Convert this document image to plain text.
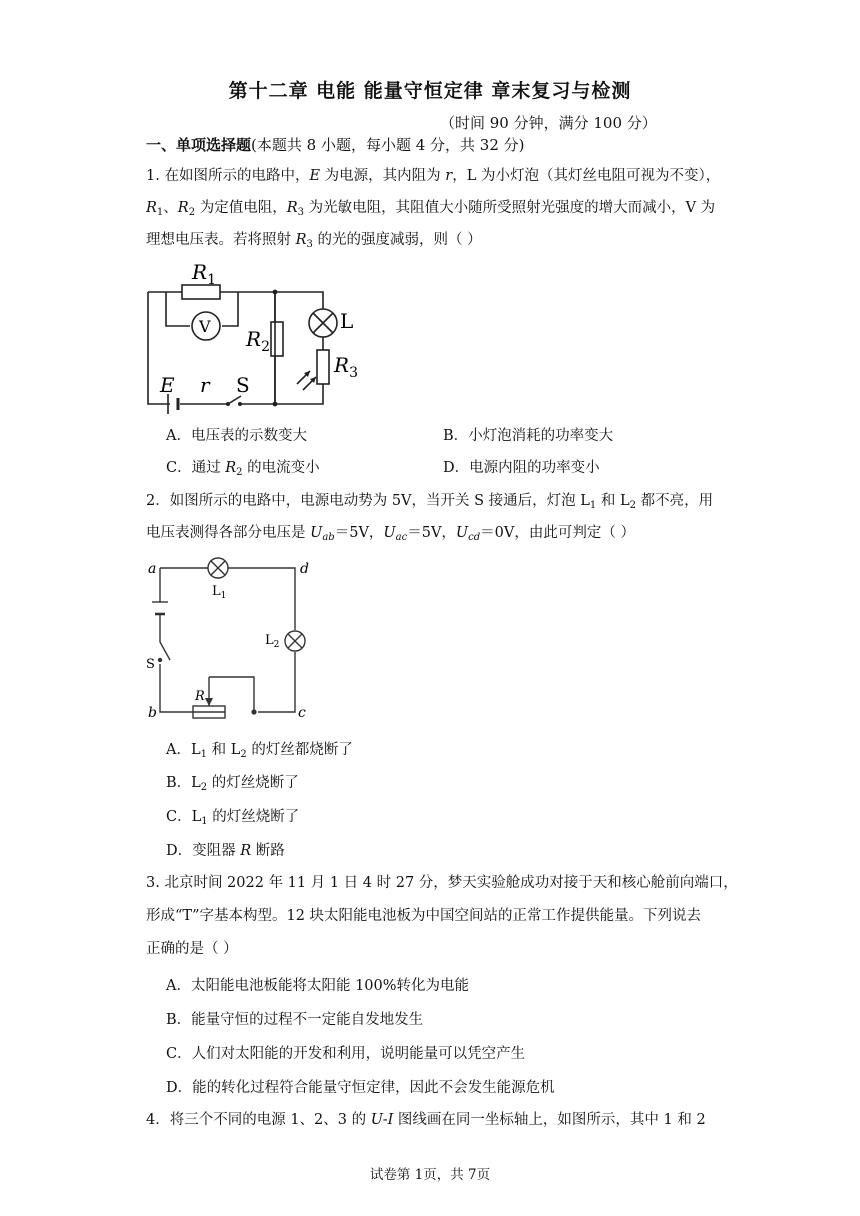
第十二章 电能 能量守恒定律 章末复习与检测
（时间 90 分钟，满分 100 分）
一、单项选择题(本题共 8 小题，每小题 4 分，共 32 分)
1. 在如图所示的电路中，E 为电源，其内阻为 r，L 为小灯泡（其灯丝电阻可视为不变），
$R_1$、$R_2$ 为定值电阻，$R_3$ 为光敏电阻，其阻值大小随所受照射光强度的增大而减小，V 为
理想电压表。若将照射 $R_3$ 的光的强度减弱，则（ ）
$R_1$
V	L
$R_2$
$R_3$
E r S
A．电压表的示数变大	B．小灯泡消耗的功率变大
C．通过 $R_2$ 的电流变小	D．电源内阻的功率变小
2．如图所示的电路中，电源电动势为 5V，当开关 S 接通后，灯泡 $L_1$ 和 $L_2$ 都不亮，用
电压表测得各部分电压是 $U_{ab}=5V$，$U_{ac}=5V$，$U_{cd}=0V$，由此可判定（ ）
a
b	c
d
$L_1$
$L_2$
S
R
A．$L_1$ 和 $L_2$ 的灯丝都烧断了
B．$L_2$ 的灯丝烧断了
C．$L_1$ 的灯丝烧断了
D．变阻器 R 断路
3. 北京时间 2022 年 11 月 1 日 4 时 27 分，梦天实验舱成功对接于天和核心舱前向端口，
形成“T”字基本构型。12 块太阳能电池板为中国空间站的正常工作提供能量。下列说去
正确的是（ ）
A．太阳能电池板能将太阳能 100%转化为电能
B．能量守恒的过程不一定能自发地发生
C．人们对太阳能的开发和利用，说明能量可以凭空产生
D．能的转化过程符合能量守恒定律，因此不会发生能源危机
4．将三个不同的电源 1、2、3 的 U-I 图线画在同一坐标轴上，如图所示，其中 1 和 2
试卷第 1页，共 7页
